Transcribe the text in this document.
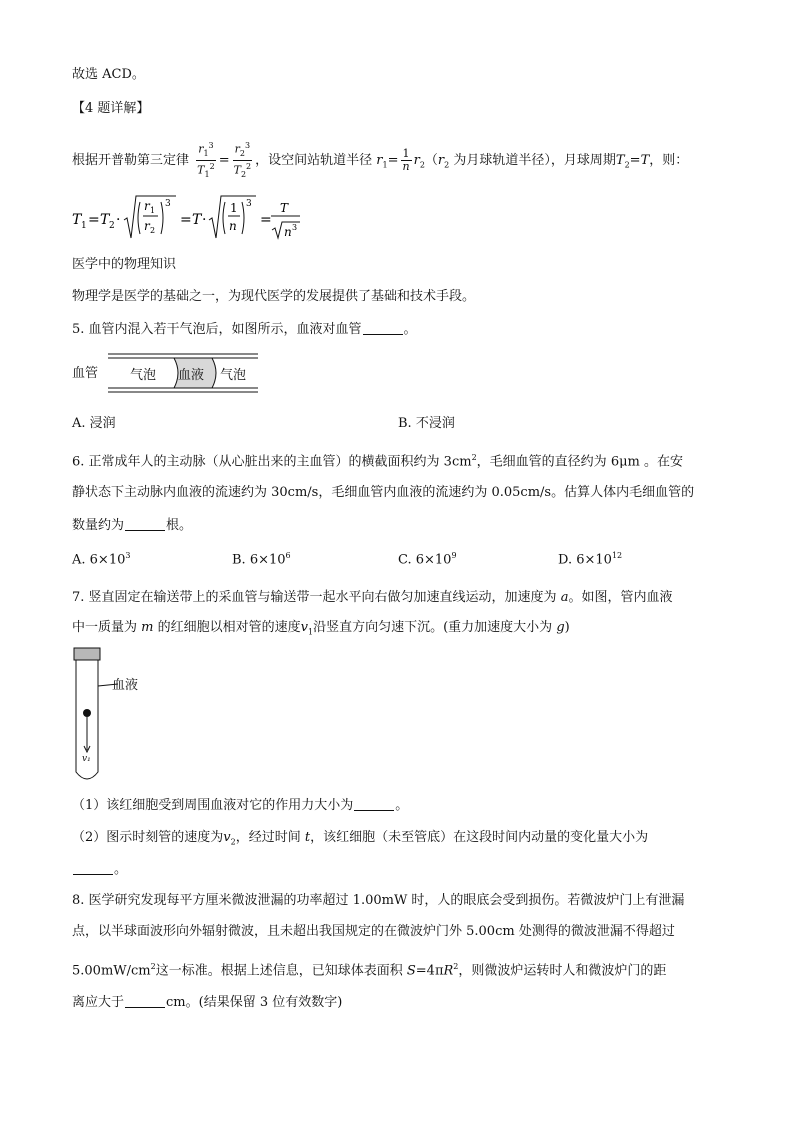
故选 ACD。
【4 题详解】
根据开普勒第三定律 $\frac{r_1^3}{T_1^2} = \frac{r_2^3}{T_2^2}$ ，设空间站轨道半径 $r_1= \frac{1}{n} r_2(r_2$ 为月球轨道半径），月球周期$T_2=T$，则：
T 1 = T 2 ·
r 1
r 2
3
= T ·
1
n
3
=
T
n 3
医学中的物理知识
物理学是医学的基础之一，为现代医学的发展提供了基础和技术手段。
5. 血管内混入若干气泡后，如图所示，血液对血管	。
血管 气泡 血液 气泡
A. 浸润	B. 不浸润
6. 正常成年人的主动脉（从心脏出来的主血管）的横截面积约为 $3cm^2$，毛细血管的直径约为 6μm 。在安
静状态下主动脉内血液的流速约为 30cm/s，毛细血管内血液的流速约为 0.05cm/s。估算人体内毛细血管的
数量约为	根。
A. $6\times 10^3$	B. $6\times 10^6$	C. $6\times 10^9$	D. $6\times 10^{12}$
7. 竖直固定在输送带上的采血管与输送带一起水平向右做匀加速直线运动，加速度为 a。如图，管内血液
中一质量为 m 的红细胞以相对管的速度$v_1$沿竖直方向匀速下沉。(重力加速度大小为 g)
血液
v₁
（1）该红细胞受到周围血液对它的作用力大小为	。
（2）图示时刻管的速度为$v_2$，经过时间 t，该红细胞（未至管底）在这段时间内动量的变化量大小为
。
8. 医学研究发现每平方厘米微波泄漏的功率超过 1.00mW 时，人的眼底会受到损伤。若微波炉门上有泄漏
点，以半球面波形向外辐射微波，且未超出我国规定的在微波炉门外 5.00cm 处测得的微波泄漏不得超过
$5.00mW/cm^2$这一标准。根据上述信息，已知球体表面积 $S=4\pi R^2$，则微波炉运转时人和微波炉门的距
离应大于	cm。(结果保留 3 位有效数字)
